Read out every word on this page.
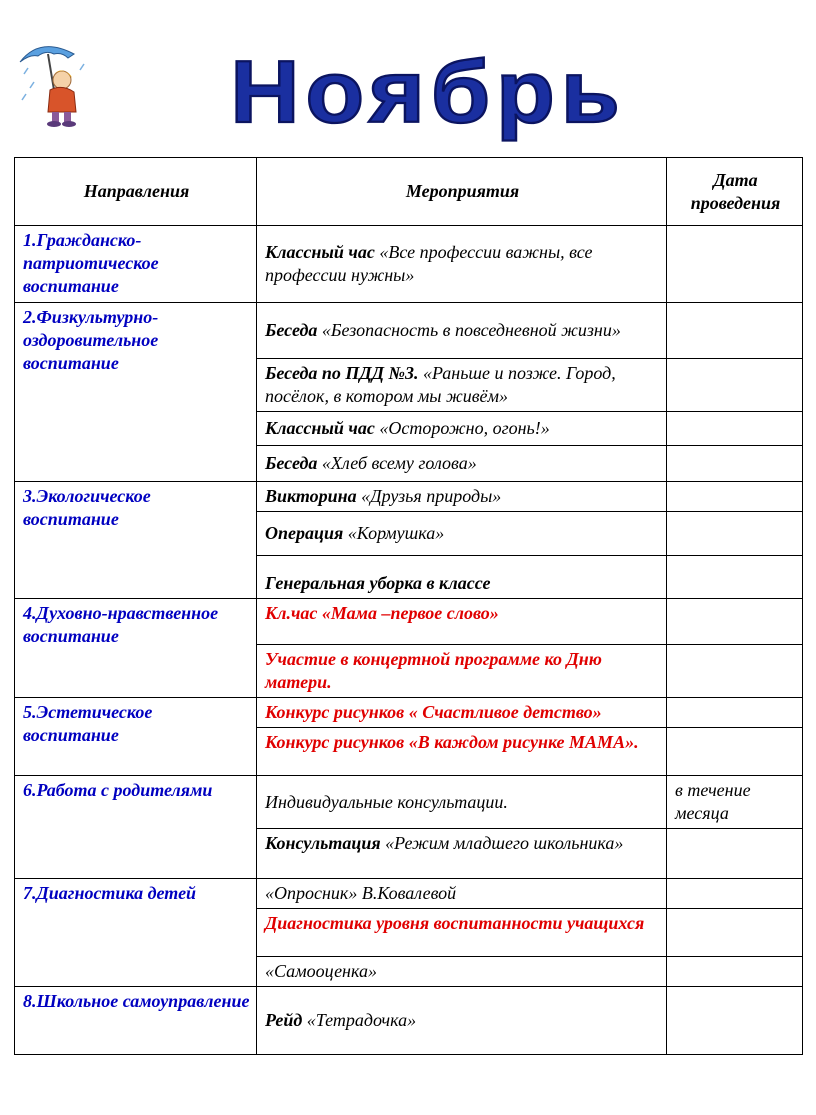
Ноябрь
Направления	Мероприятия	Дата проведения
1.Гражданско-патриотическое воспитание	Классный час «Все профессии важны, все профессии нужны»	
2.Физкультурно-оздоровительное воспитание	Беседа «Безопасность в повседневной жизни»	
	Беседа по ПДД №3. «Раньше и позже. Город, посёлок, в котором мы живём»	
	Классный час «Осторожно, огонь!»	
	Беседа «Хлеб всему голова»	
3.Экологическое воспитание	Викторина «Друзья природы»	
	Операция «Кормушка»	
	Генеральная уборка в классе	
4.Духовно-нравственное воспитание	Кл.час «Мама –первое слово»	
	Участие в концертной программе ко Дню матери.	
5.Эстетическое воспитание	Конкурс рисунков « Счастливое детство»	
	Конкурс рисунков «В каждом рисунке МАМА».	
6.Работа с родителями	Индивидуальные консультации.	в течение месяца
	Консультация «Режим младшего школьника»	
7.Диагностика детей	«Опросник» В.Ковалевой	
	Диагностика уровня воспитанности учащихся	
	«Самооценка»	
8.Школьное самоуправление	Рейд «Тетрадочка»	
